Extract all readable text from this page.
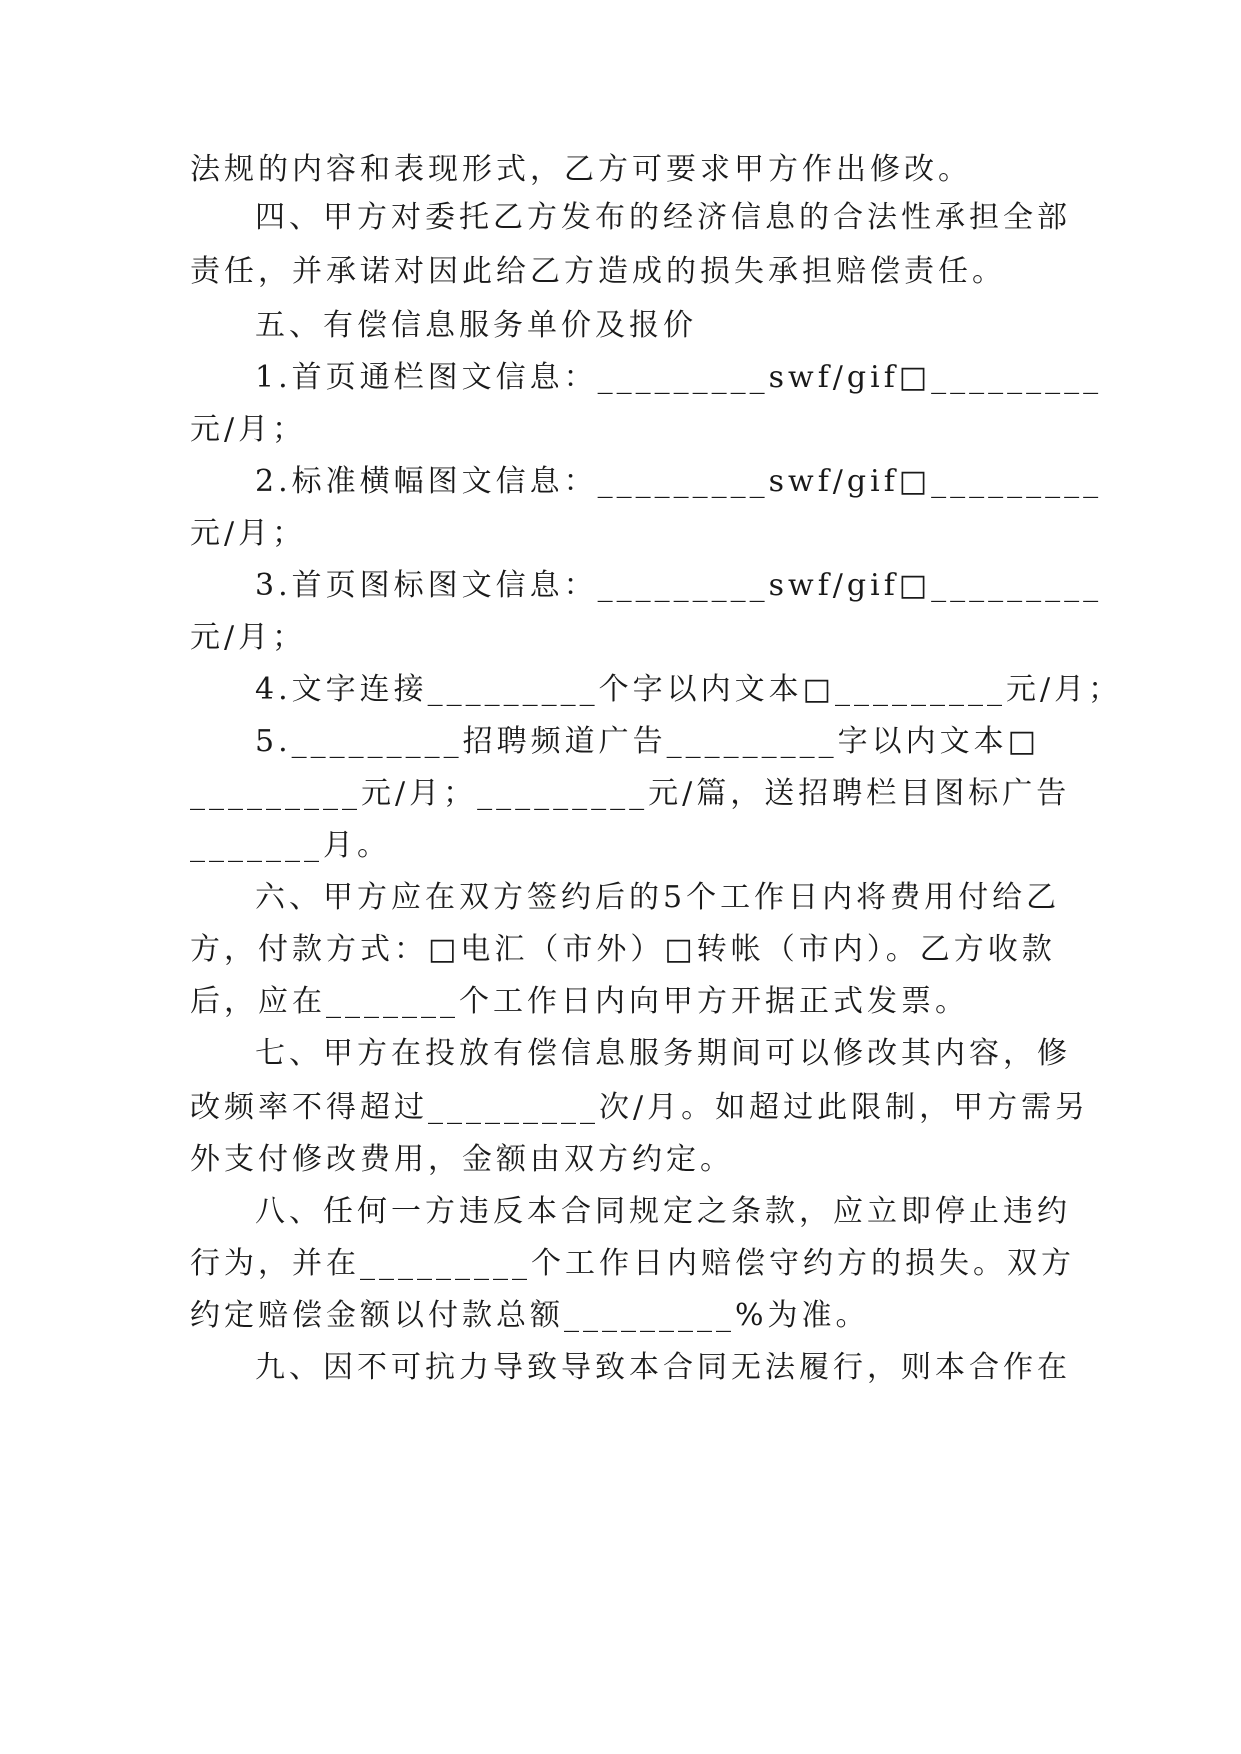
法规的内容和表现形式，乙方可要求甲方作出修改。
四、甲方对委托乙方发布的经济信息的合法性承担全部
责任，并承诺对因此给乙方造成的损失承担赔偿责任。
五、有偿信息服务单价及报价
1.首页通栏图文信息：_________swf/gif□_________
元/月；
2.标准横幅图文信息：_________swf/gif□_________
元/月；
3.首页图标图文信息：_________swf/gif□_________
元/月；
4.文字连接_________个字以内文本□_________元/月；
5._________招聘频道广告_________字以内文本□
_________元/月；_________元/篇，送招聘栏目图标广告
_______月。
六、甲方应在双方签约后的5个工作日内将费用付给乙
方，付款方式：□电汇（市外）□转帐（市内）。乙方收款
后，应在_______个工作日内向甲方开据正式发票。
七、甲方在投放有偿信息服务期间可以修改其内容，修
改频率不得超过_________次/月。如超过此限制，甲方需另
外支付修改费用，金额由双方约定。
八、任何一方违反本合同规定之条款，应立即停止违约
行为，并在_________个工作日内赔偿守约方的损失。双方
约定赔偿金额以付款总额_________%为准。
九、因不可抗力导致导致本合同无法履行，则本合作在
